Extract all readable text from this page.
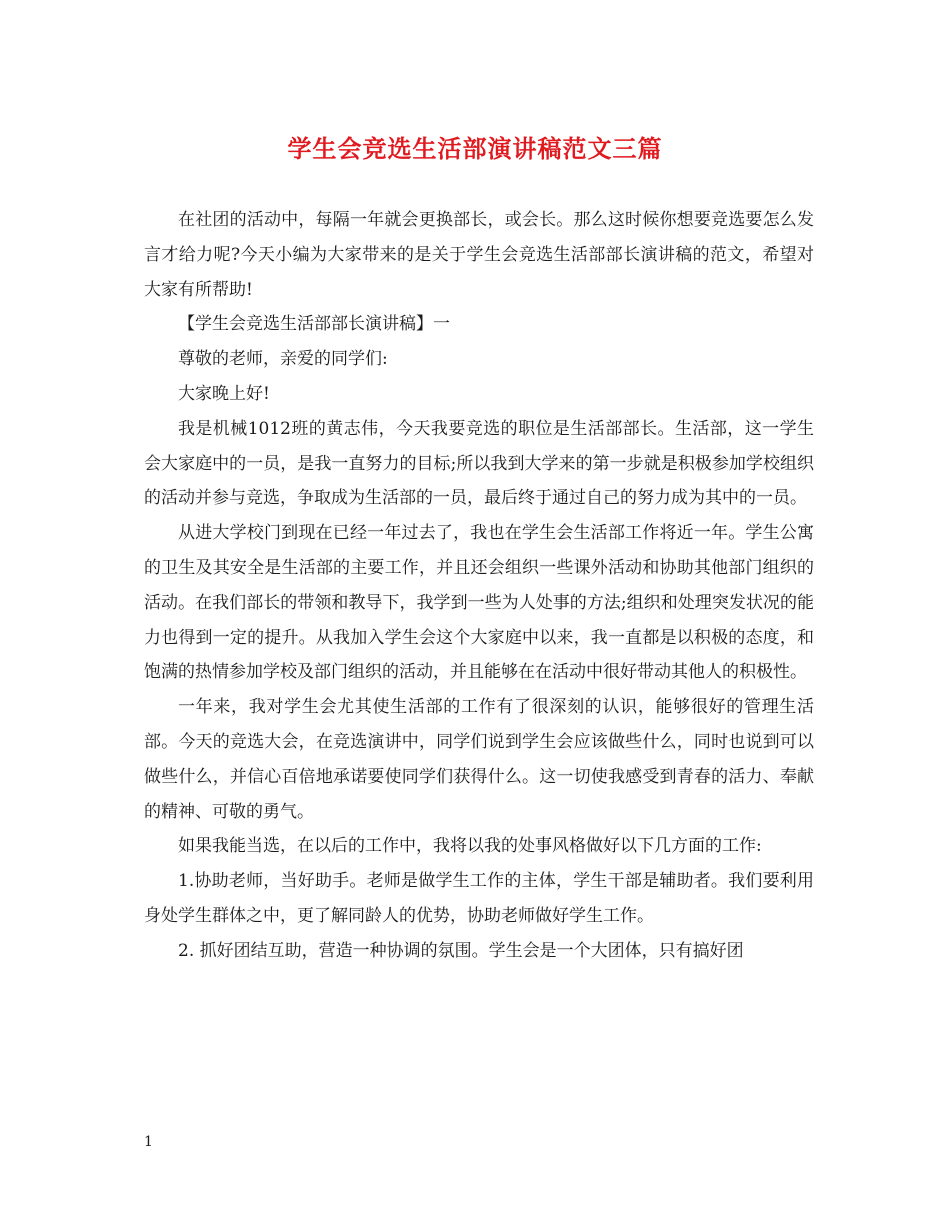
学生会竞选生活部演讲稿范文三篇

在社团的活动中，每隔一年就会更换部长，或会长。那么这时候你想要竞选要怎么发言才给力呢?今天小编为大家带来的是关于学生会竞选生活部部长演讲稿的范文，希望对大家有所帮助!

【学生会竞选生活部部长演讲稿】一

尊敬的老师，亲爱的同学们:

大家晚上好!

我是机械1012班的黄志伟，今天我要竞选的职位是生活部部长。生活部，这一学生会大家庭中的一员，是我一直努力的目标;所以我到大学来的第一步就是积极参加学校组织的活动并参与竞选，争取成为生活部的一员，最后终于通过自己的努力成为其中的一员。

从进大学校门到现在已经一年过去了，我也在学生会生活部工作将近一年。学生公寓的卫生及其安全是生活部的主要工作，并且还会组织一些课外活动和协助其他部门组织的活动。在我们部长的带领和教导下，我学到一些为人处事的方法;组织和处理突发状况的能力也得到一定的提升。从我加入学生会这个大家庭中以来，我一直都是以积极的态度，和饱满的热情参加学校及部门组织的活动，并且能够在在活动中很好带动其他人的积极性。

一年来，我对学生会尤其使生活部的工作有了很深刻的认识，能够很好的管理生活部。今天的竞选大会，在竞选演讲中，同学们说到学生会应该做些什么，同时也说到可以做些什么，并信心百倍地承诺要使同学们获得什么。这一切使我感受到青春的活力、奉献的精神、可敬的勇气。

如果我能当选，在以后的工作中，我将以我的处事风格做好以下几方面的工作:

1.协助老师，当好助手。老师是做学生工作的主体，学生干部是辅助者。我们要利用身处学生群体之中，更了解同龄人的优势，协助老师做好学生工作。

2. 抓好团结互助，营造一种协调的氛围。学生会是一个大团体，只有搞好团

1
